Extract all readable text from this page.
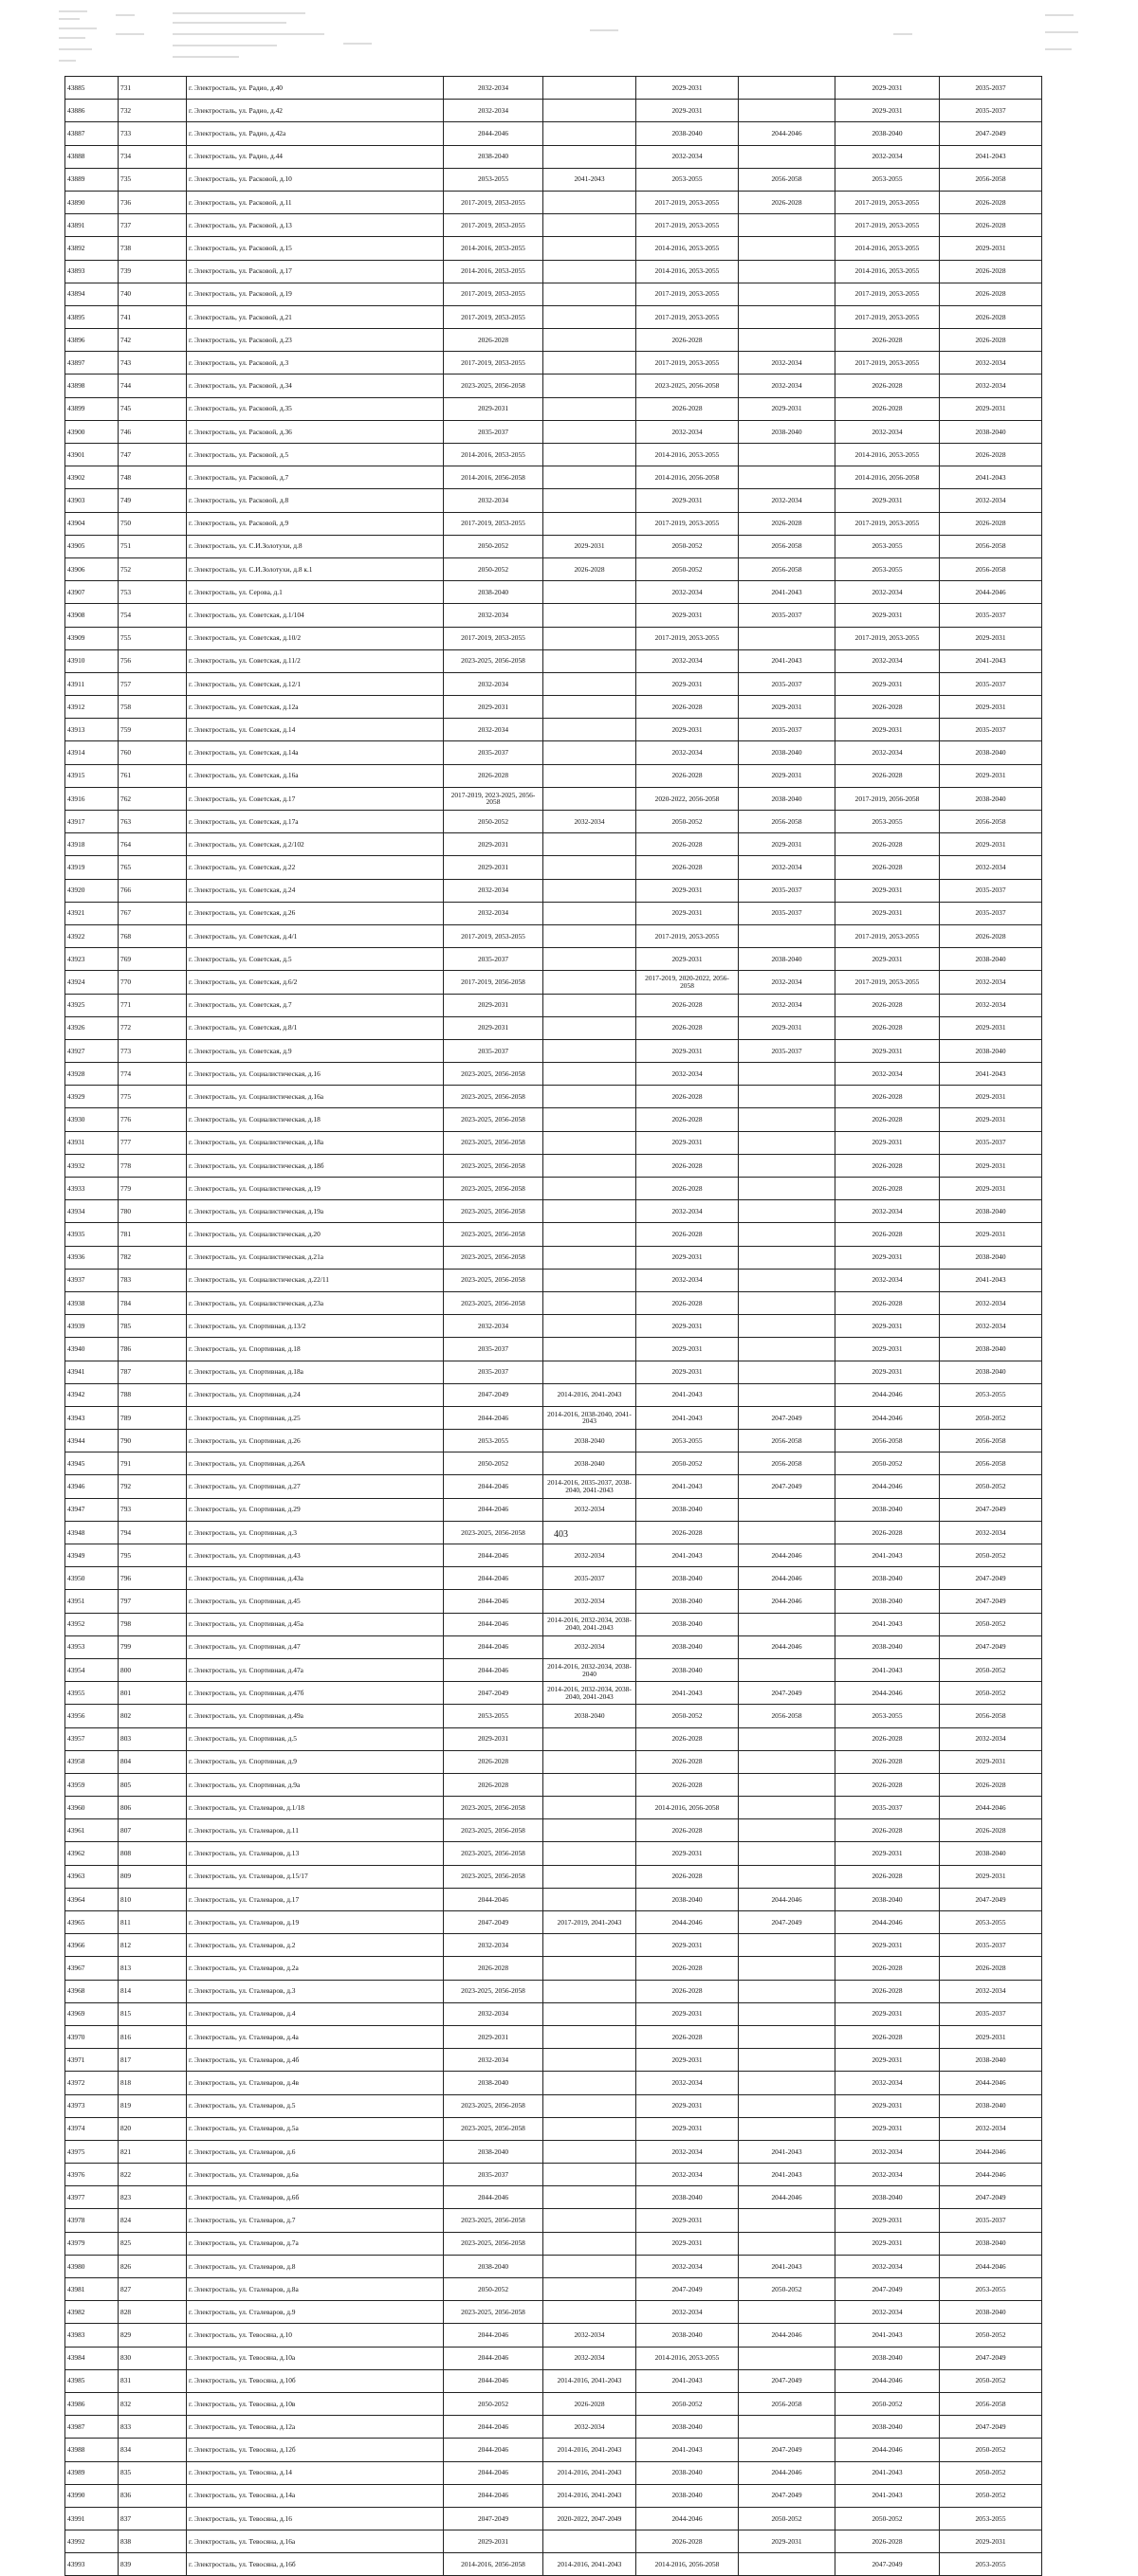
43885	731	г. Электросталь, ул. Радио, д.40	2032-2034		2029-2031		2029-2031	2035-2037
43886	732	г. Электросталь, ул. Радио, д.42	2032-2034		2029-2031		2029-2031	2035-2037
43887	733	г. Электросталь, ул. Радио, д.42а	2044-2046		2038-2040	2044-2046	2038-2040	2047-2049
43888	734	г. Электросталь, ул. Радио, д.44	2038-2040		2032-2034		2032-2034	2041-2043
43889	735	г. Электросталь, ул. Расковой, д.10	2053-2055	2041-2043	2053-2055	2056-2058	2053-2055	2056-2058
43890	736	г. Электросталь, ул. Расковой, д.11	2017-2019, 2053-2055		2017-2019, 2053-2055	2026-2028	2017-2019, 2053-2055	2026-2028
43891	737	г. Электросталь, ул. Расковой, д.13	2017-2019, 2053-2055		2017-2019, 2053-2055		2017-2019, 2053-2055	2026-2028
43892	738	г. Электросталь, ул. Расковой, д.15	2014-2016, 2053-2055		2014-2016, 2053-2055		2014-2016, 2053-2055	2029-2031
43893	739	г. Электросталь, ул. Расковой, д.17	2014-2016, 2053-2055		2014-2016, 2053-2055		2014-2016, 2053-2055	2026-2028
43894	740	г. Электросталь, ул. Расковой, д.19	2017-2019, 2053-2055		2017-2019, 2053-2055		2017-2019, 2053-2055	2026-2028
43895	741	г. Электросталь, ул. Расковой, д.21	2017-2019, 2053-2055		2017-2019, 2053-2055		2017-2019, 2053-2055	2026-2028
43896	742	г. Электросталь, ул. Расковой, д.23	2026-2028		2026-2028		2026-2028	2026-2028
43897	743	г. Электросталь, ул. Расковой, д.3	2017-2019, 2053-2055		2017-2019, 2053-2055	2032-2034	2017-2019, 2053-2055	2032-2034
43898	744	г. Электросталь, ул. Расковой, д.34	2023-2025, 2056-2058		2023-2025, 2056-2058	2032-2034	2026-2028	2032-2034
43899	745	г. Электросталь, ул. Расковой, д.35	2029-2031		2026-2028	2029-2031	2026-2028	2029-2031
43900	746	г. Электросталь, ул. Расковой, д.36	2035-2037		2032-2034	2038-2040	2032-2034	2038-2040
43901	747	г. Электросталь, ул. Расковой, д.5	2014-2016, 2053-2055		2014-2016, 2053-2055		2014-2016, 2053-2055	2026-2028
43902	748	г. Электросталь, ул. Расковой, д.7	2014-2016, 2056-2058		2014-2016, 2056-2058		2014-2016, 2056-2058	2041-2043
43903	749	г. Электросталь, ул. Расковой, д.8	2032-2034		2029-2031	2032-2034	2029-2031	2032-2034
43904	750	г. Электросталь, ул. Расковой, д.9	2017-2019, 2053-2055		2017-2019, 2053-2055	2026-2028	2017-2019, 2053-2055	2026-2028
43905	751	г. Электросталь, ул. С.И.Золотухи, д.8	2050-2052	2029-2031	2050-2052	2056-2058	2053-2055	2056-2058
43906	752	г. Электросталь, ул. С.И.Золотухи, д.8 к.1	2050-2052	2026-2028	2050-2052	2056-2058	2053-2055	2056-2058
43907	753	г. Электросталь, ул. Серова, д.1	2038-2040		2032-2034	2041-2043	2032-2034	2044-2046
43908	754	г. Электросталь, ул. Советская, д.1/104	2032-2034		2029-2031	2035-2037	2029-2031	2035-2037
43909	755	г. Электросталь, ул. Советская, д.10/2	2017-2019, 2053-2055		2017-2019, 2053-2055		2017-2019, 2053-2055	2029-2031
43910	756	г. Электросталь, ул. Советская, д.11/2	2023-2025, 2056-2058		2032-2034	2041-2043	2032-2034	2041-2043
43911	757	г. Электросталь, ул. Советская, д.12/1	2032-2034		2029-2031	2035-2037	2029-2031	2035-2037
43912	758	г. Электросталь, ул. Советская, д.12а	2029-2031		2026-2028	2029-2031	2026-2028	2029-2031
43913	759	г. Электросталь, ул. Советская, д.14	2032-2034		2029-2031	2035-2037	2029-2031	2035-2037
43914	760	г. Электросталь, ул. Советская, д.14а	2035-2037		2032-2034	2038-2040	2032-2034	2038-2040
43915	761	г. Электросталь, ул. Советская, д.16а	2026-2028		2026-2028	2029-2031	2026-2028	2029-2031
43916	762	г. Электросталь, ул. Советская, д.17	2017-2019, 2023-2025, 2056-2058		2020-2022, 2056-2058	2038-2040	2017-2019, 2056-2058	2038-2040
43917	763	г. Электросталь, ул. Советская, д.17а	2050-2052	2032-2034	2050-2052	2056-2058	2053-2055	2056-2058
43918	764	г. Электросталь, ул. Советская, д.2/102	2029-2031		2026-2028	2029-2031	2026-2028	2029-2031
43919	765	г. Электросталь, ул. Советская, д.22	2029-2031		2026-2028	2032-2034	2026-2028	2032-2034
43920	766	г. Электросталь, ул. Советская, д.24	2032-2034		2029-2031	2035-2037	2029-2031	2035-2037
43921	767	г. Электросталь, ул. Советская, д.26	2032-2034		2029-2031	2035-2037	2029-2031	2035-2037
43922	768	г. Электросталь, ул. Советская, д.4/1	2017-2019, 2053-2055		2017-2019, 2053-2055		2017-2019, 2053-2055	2026-2028
43923	769	г. Электросталь, ул. Советская, д.5	2035-2037		2029-2031	2038-2040	2029-2031	2038-2040
43924	770	г. Электросталь, ул. Советская, д.6/2	2017-2019, 2056-2058		2017-2019, 2020-2022, 2056-2058	2032-2034	2017-2019, 2053-2055	2032-2034
43925	771	г. Электросталь, ул. Советская, д.7	2029-2031		2026-2028	2032-2034	2026-2028	2032-2034
43926	772	г. Электросталь, ул. Советская, д.8/1	2029-2031		2026-2028	2029-2031	2026-2028	2029-2031
43927	773	г. Электросталь, ул. Советская, д.9	2035-2037		2029-2031	2035-2037	2029-2031	2038-2040
43928	774	г. Электросталь, ул. Социалистическая, д.16	2023-2025, 2056-2058		2032-2034		2032-2034	2041-2043
43929	775	г. Электросталь, ул. Социалистическая, д.16а	2023-2025, 2056-2058		2026-2028		2026-2028	2029-2031
43930	776	г. Электросталь, ул. Социалистическая, д.18	2023-2025, 2056-2058		2026-2028		2026-2028	2029-2031
43931	777	г. Электросталь, ул. Социалистическая, д.18а	2023-2025, 2056-2058		2029-2031		2029-2031	2035-2037
43932	778	г. Электросталь, ул. Социалистическая, д.18б	2023-2025, 2056-2058		2026-2028		2026-2028	2029-2031
43933	779	г. Электросталь, ул. Социалистическая, д.19	2023-2025, 2056-2058		2026-2028		2026-2028	2029-2031
43934	780	г. Электросталь, ул. Социалистическая, д.19а	2023-2025, 2056-2058		2032-2034		2032-2034	2038-2040
43935	781	г. Электросталь, ул. Социалистическая, д.20	2023-2025, 2056-2058		2026-2028		2026-2028	2029-2031
43936	782	г. Электросталь, ул. Социалистическая, д.21а	2023-2025, 2056-2058		2029-2031		2029-2031	2038-2040
43937	783	г. Электросталь, ул. Социалистическая, д.22/11	2023-2025, 2056-2058		2032-2034		2032-2034	2041-2043
43938	784	г. Электросталь, ул. Социалистическая, д.23а	2023-2025, 2056-2058		2026-2028		2026-2028	2032-2034
43939	785	г. Электросталь, ул. Спортивная, д.13/2	2032-2034		2029-2031		2029-2031	2032-2034
43940	786	г. Электросталь, ул. Спортивная, д.18	2035-2037		2029-2031		2029-2031	2038-2040
43941	787	г. Электросталь, ул. Спортивная, д.18а	2035-2037		2029-2031		2029-2031	2038-2040
43942	788	г. Электросталь, ул. Спортивная, д.24	2047-2049	2014-2016, 2041-2043	2041-2043		2044-2046	2053-2055
43943	789	г. Электросталь, ул. Спортивная, д.25	2044-2046	2014-2016, 2038-2040, 2041-2043	2041-2043	2047-2049	2044-2046	2050-2052
43944	790	г. Электросталь, ул. Спортивная, д.26	2053-2055	2038-2040	2053-2055	2056-2058	2056-2058	2056-2058
43945	791	г. Электросталь, ул. Спортивная, д.26А	2050-2052	2038-2040	2050-2052	2056-2058	2050-2052	2056-2058
43946	792	г. Электросталь, ул. Спортивная, д.27	2044-2046	2014-2016, 2035-2037, 2038-2040, 2041-2043	2041-2043	2047-2049	2044-2046	2050-2052
43947	793	г. Электросталь, ул. Спортивная, д.29	2044-2046	2032-2034	2038-2040		2038-2040	2047-2049
43948	794	г. Электросталь, ул. Спортивная, д.3	2023-2025, 2056-2058		2026-2028		2026-2028	2032-2034
43949	795	г. Электросталь, ул. Спортивная, д.43	2044-2046	2032-2034	2041-2043	2044-2046	2041-2043	2050-2052
43950	796	г. Электросталь, ул. Спортивная, д.43а	2044-2046	2035-2037	2038-2040	2044-2046	2038-2040	2047-2049
43951	797	г. Электросталь, ул. Спортивная, д.45	2044-2046	2032-2034	2038-2040	2044-2046	2038-2040	2047-2049
43952	798	г. Электросталь, ул. Спортивная, д.45а	2044-2046	2014-2016, 2032-2034, 2038-2040, 2041-2043	2038-2040		2041-2043	2050-2052
43953	799	г. Электросталь, ул. Спортивная, д.47	2044-2046	2032-2034	2038-2040	2044-2046	2038-2040	2047-2049
43954	800	г. Электросталь, ул. Спортивная, д.47а	2044-2046	2014-2016, 2032-2034, 2038-2040	2038-2040		2041-2043	2050-2052
43955	801	г. Электросталь, ул. Спортивная, д.47б	2047-2049	2014-2016, 2032-2034, 2038-2040, 2041-2043	2041-2043	2047-2049	2044-2046	2050-2052
43956	802	г. Электросталь, ул. Спортивная, д.49а	2053-2055	2038-2040	2050-2052	2056-2058	2053-2055	2056-2058
43957	803	г. Электросталь, ул. Спортивная, д.5	2029-2031		2026-2028		2026-2028	2032-2034
43958	804	г. Электросталь, ул. Спортивная, д.9	2026-2028		2026-2028		2026-2028	2029-2031
43959	805	г. Электросталь, ул. Спортивная, д.9а	2026-2028		2026-2028		2026-2028	2026-2028
43960	806	г. Электросталь, ул. Сталеваров, д.1/18	2023-2025, 2056-2058		2014-2016, 2056-2058		2035-2037	2044-2046
43961	807	г. Электросталь, ул. Сталеваров, д.11	2023-2025, 2056-2058		2026-2028		2026-2028	2026-2028
43962	808	г. Электросталь, ул. Сталеваров, д.13	2023-2025, 2056-2058		2029-2031		2029-2031	2038-2040
43963	809	г. Электросталь, ул. Сталеваров, д.15/17	2023-2025, 2056-2058		2026-2028		2026-2028	2029-2031
43964	810	г. Электросталь, ул. Сталеваров, д.17	2044-2046		2038-2040	2044-2046	2038-2040	2047-2049
43965	811	г. Электросталь, ул. Сталеваров, д.19	2047-2049	2017-2019, 2041-2043	2044-2046	2047-2049	2044-2046	2053-2055
43966	812	г. Электросталь, ул. Сталеваров, д.2	2032-2034		2029-2031		2029-2031	2035-2037
43967	813	г. Электросталь, ул. Сталеваров, д.2а	2026-2028		2026-2028		2026-2028	2026-2028
43968	814	г. Электросталь, ул. Сталеваров, д.3	2023-2025, 2056-2058		2026-2028		2026-2028	2032-2034
43969	815	г. Электросталь, ул. Сталеваров, д.4	2032-2034		2029-2031		2029-2031	2035-2037
43970	816	г. Электросталь, ул. Сталеваров, д.4а	2029-2031		2026-2028		2026-2028	2029-2031
43971	817	г. Электросталь, ул. Сталеваров, д.4б	2032-2034		2029-2031		2029-2031	2038-2040
43972	818	г. Электросталь, ул. Сталеваров, д.4в	2038-2040		2032-2034		2032-2034	2044-2046
43973	819	г. Электросталь, ул. Сталеваров, д.5	2023-2025, 2056-2058		2029-2031		2029-2031	2038-2040
43974	820	г. Электросталь, ул. Сталеваров, д.5а	2023-2025, 2056-2058		2029-2031		2029-2031	2032-2034
43975	821	г. Электросталь, ул. Сталеваров, д.6	2038-2040		2032-2034	2041-2043	2032-2034	2044-2046
43976	822	г. Электросталь, ул. Сталеваров, д.6а	2035-2037		2032-2034	2041-2043	2032-2034	2044-2046
43977	823	г. Электросталь, ул. Сталеваров, д.6б	2044-2046		2038-2040	2044-2046	2038-2040	2047-2049
43978	824	г. Электросталь, ул. Сталеваров, д.7	2023-2025, 2056-2058		2029-2031		2029-2031	2035-2037
43979	825	г. Электросталь, ул. Сталеваров, д.7а	2023-2025, 2056-2058		2029-2031		2029-2031	2038-2040
43980	826	г. Электросталь, ул. Сталеваров, д.8	2038-2040		2032-2034	2041-2043	2032-2034	2044-2046
43981	827	г. Электросталь, ул. Сталеваров, д.8а	2050-2052		2047-2049	2050-2052	2047-2049	2053-2055
43982	828	г. Электросталь, ул. Сталеваров, д.9	2023-2025, 2056-2058		2032-2034		2032-2034	2038-2040
43983	829	г. Электросталь, ул. Тевосяна, д.10	2044-2046	2032-2034	2038-2040	2044-2046	2041-2043	2050-2052
43984	830	г. Электросталь, ул. Тевосяна, д.10а	2044-2046	2032-2034	2014-2016, 2053-2055		2038-2040	2047-2049
43985	831	г. Электросталь, ул. Тевосяна, д.10б	2044-2046	2014-2016, 2041-2043	2041-2043	2047-2049	2044-2046	2050-2052
43986	832	г. Электросталь, ул. Тевосяна, д.10в	2050-2052	2026-2028	2050-2052	2056-2058	2050-2052	2056-2058
43987	833	г. Электросталь, ул. Тевосяна, д.12а	2044-2046	2032-2034	2038-2040		2038-2040	2047-2049
43988	834	г. Электросталь, ул. Тевосяна, д.12б	2044-2046	2014-2016, 2041-2043	2041-2043	2047-2049	2044-2046	2050-2052
43989	835	г. Электросталь, ул. Тевосяна, д.14	2044-2046	2014-2016, 2041-2043	2038-2040	2044-2046	2041-2043	2050-2052
43990	836	г. Электросталь, ул. Тевосяна, д.14а	2044-2046	2014-2016, 2041-2043	2038-2040	2047-2049	2041-2043	2050-2052
43991	837	г. Электросталь, ул. Тевосяна, д.16	2047-2049	2020-2022, 2047-2049	2044-2046	2050-2052	2050-2052	2053-2055
43992	838	г. Электросталь, ул. Тевосяна, д.16а	2029-2031		2026-2028	2029-2031	2026-2028	2029-2031
43993	839	г. Электросталь, ул. Тевосяна, д.16б	2014-2016, 2056-2058	2014-2016, 2041-2043	2014-2016, 2056-2058		2047-2049	2053-2055
403
